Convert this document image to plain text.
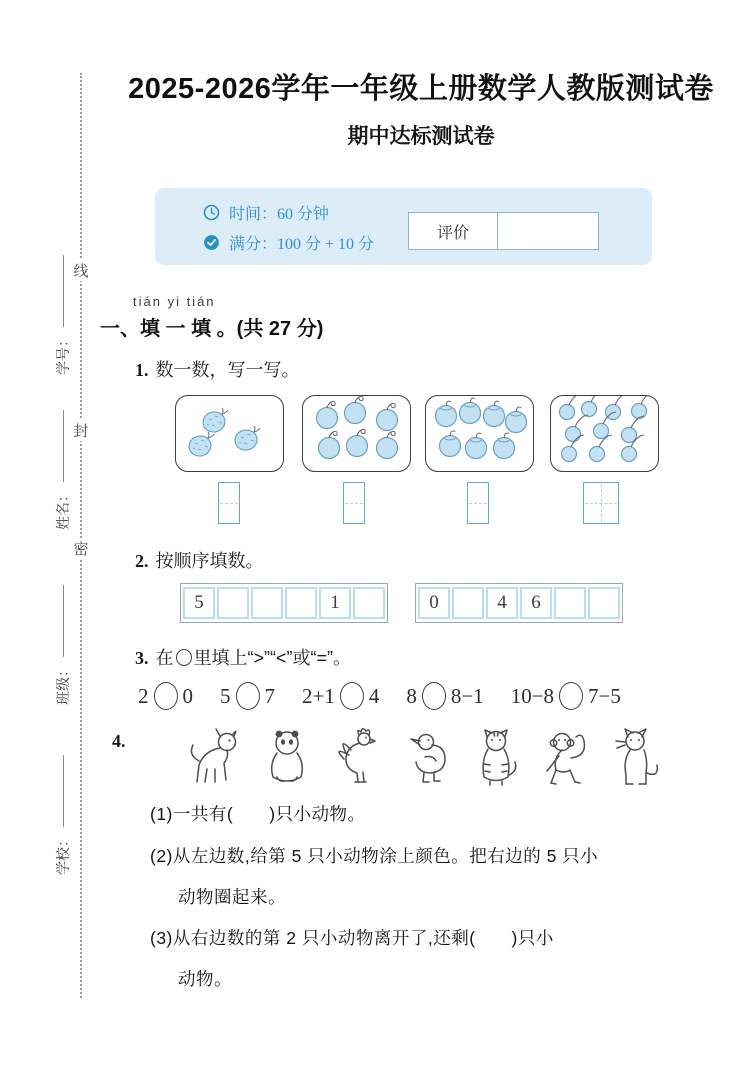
线
封
密
学号：
姓名：
班级：
学校：
2025-2026学年一年级上册数学人教版测试卷
期中达标测试卷
时间：60 分钟
满分：100 分 + 10 分
评价
tián yi tián
一、填 一 填 。(共 27 分)
1. 数一数，写一写。
2. 按顺序填数。
5	1	0	4	6
3. 在 里填上“>”“<”或“=”。
2 0 5 7 2+1 4 8 8−1 10−8 7−5
4.
(1)一共有(　　)只小动物。
(2)从左边数,给第 5 只小动物涂上颜色。把右边的 5 只小
动物圈起来。
(3)从右边数的第 2 只小动物离开了,还剩(　　)只小
动物。
